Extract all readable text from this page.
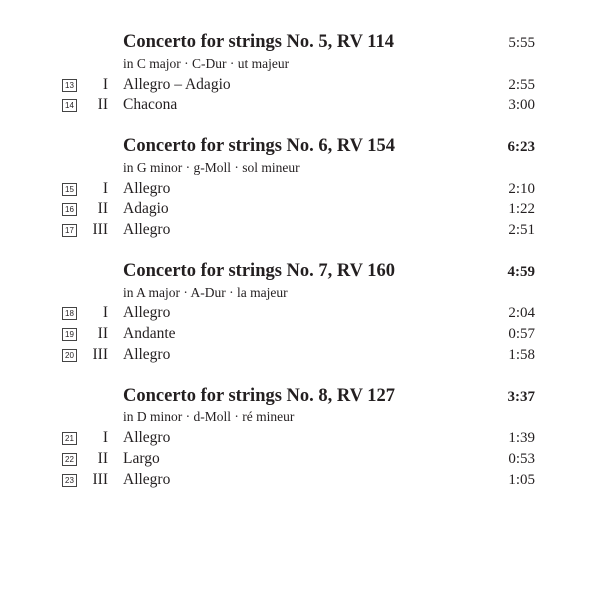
Concerto for strings No. 5, RV 114	5:55
in C major · C-Dur · ut majeur
13 I Allegro – Adagio	2:55
14 II Chacona	3:00
Concerto for strings No. 6, RV 154	6:23
in G minor · g-Moll · sol mineur
15 I Allegro	2:10
16 II Adagio	1:22
17 III Allegro	2:51
Concerto for strings No. 7, RV 160	4:59
in A major · A-Dur · la majeur
18 I Allegro	2:04
19 II Andante	0:57
20 III Allegro	1:58
Concerto for strings No. 8, RV 127	3:37
in D minor · d-Moll · ré mineur
21 I Allegro	1:39
22 II Largo	0:53
23 III Allegro	1:05
